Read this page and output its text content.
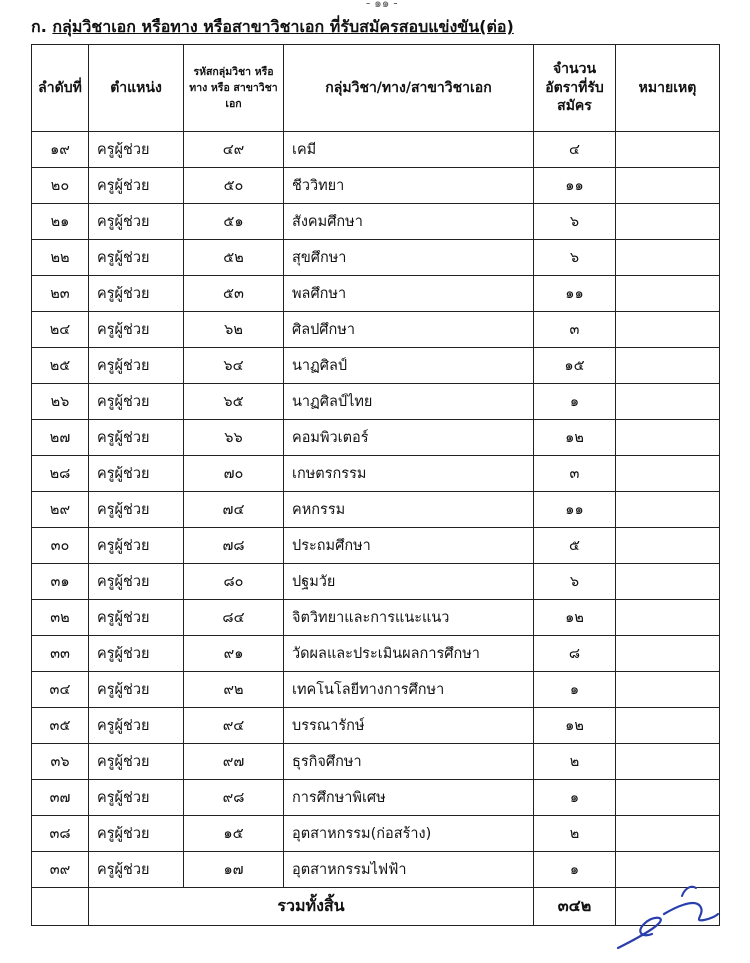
- ๑๑ -
ก. กลุ่มวิชาเอก หรือทาง หรือสาขาวิชาเอก ที่รับสมัครสอบแข่งขัน(ต่อ)
ลำดับที่	ตำแหน่ง	รหัสกลุ่มวิชา หรือทาง หรือ สาขาวิชาเอก	กลุ่มวิชา/ทาง/สาขาวิชาเอก	จำนวนอัตราที่รับสมัคร	หมายเหตุ
๑๙	ครูผู้ช่วย	๔๙	เคมี	๔	
๒๐	ครูผู้ช่วย	๕๐	ชีววิทยา	๑๑	
๒๑	ครูผู้ช่วย	๕๑	สังคมศึกษา	๖	
๒๒	ครูผู้ช่วย	๕๒	สุขศึกษา	๖	
๒๓	ครูผู้ช่วย	๕๓	พลศึกษา	๑๑	
๒๔	ครูผู้ช่วย	๖๒	ศิลปศึกษา	๓	
๒๕	ครูผู้ช่วย	๖๔	นาฏศิลป์	๑๕	
๒๖	ครูผู้ช่วย	๖๕	นาฏศิลป์ไทย	๑	
๒๗	ครูผู้ช่วย	๖๖	คอมพิวเตอร์	๑๒	
๒๘	ครูผู้ช่วย	๗๐	เกษตรกรรม	๓	
๒๙	ครูผู้ช่วย	๗๔	คหกรรม	๑๑	
๓๐	ครูผู้ช่วย	๗๘	ประถมศึกษา	๕	
๓๑	ครูผู้ช่วย	๘๐	ปฐมวัย	๖	
๓๒	ครูผู้ช่วย	๘๔	จิตวิทยาและการแนะแนว	๑๒	
๓๓	ครูผู้ช่วย	๙๑	วัดผลและประเมินผลการศึกษา	๘	
๓๔	ครูผู้ช่วย	๙๒	เทคโนโลยีทางการศึกษา	๑	
๓๕	ครูผู้ช่วย	๙๔	บรรณารักษ์	๑๒	
๓๖	ครูผู้ช่วย	๙๗	ธุรกิจศึกษา	๒	
๓๗	ครูผู้ช่วย	๙๘	การศึกษาพิเศษ	๑	
๓๘	ครูผู้ช่วย	๑๕	อุตสาหกรรม(ก่อสร้าง)	๒	
๓๙	ครูผู้ช่วย	๑๗	อุตสาหกรรมไฟฟ้า	๑	
	รวมทั้งสิ้น			๓๔๒	
